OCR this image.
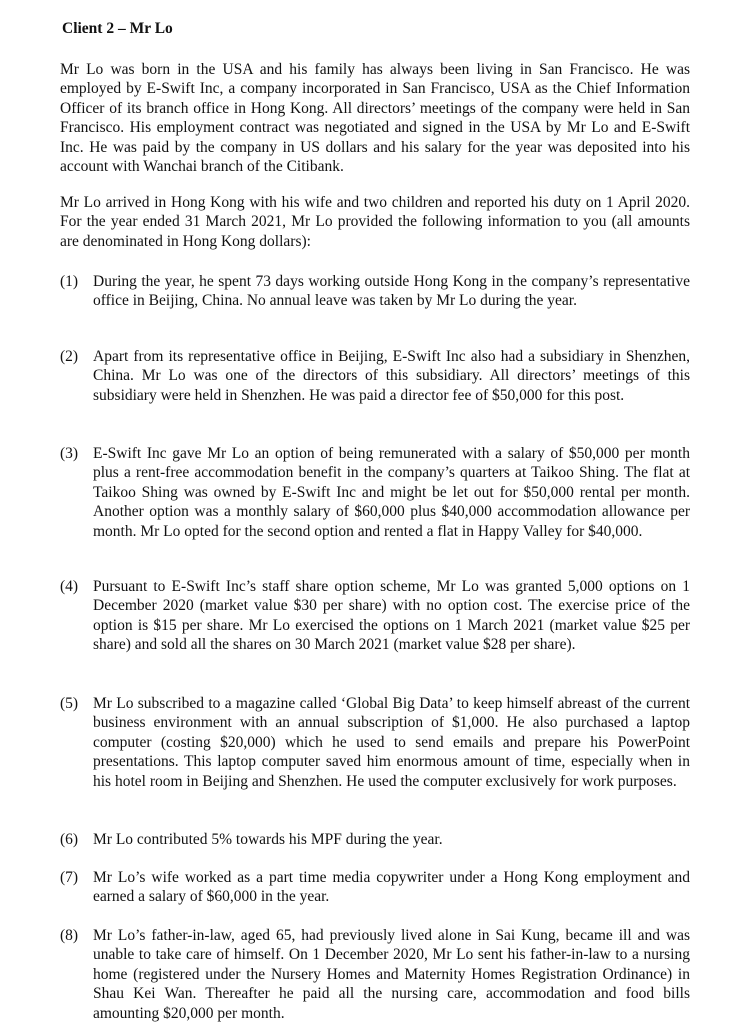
Client 2 – Mr Lo
Mr Lo was born in the USA and his family has always been living in San Francisco. He was employed by E-Swift Inc, a company incorporated in San Francisco, USA as the Chief Information Officer of its branch office in Hong Kong. All directors’ meetings of the company were held in San Francisco. His employment contract was negotiated and signed in the USA by Mr Lo and E-Swift Inc. He was paid by the company in US dollars and his salary for the year was deposited into his account with Wanchai branch of the Citibank.
Mr Lo arrived in Hong Kong with his wife and two children and reported his duty on 1 April 2020. For the year ended 31 March 2021, Mr Lo provided the following information to you (all amounts are denominated in Hong Kong dollars):
(1) During the year, he spent 73 days working outside Hong Kong in the company’s representative office in Beijing, China. No annual leave was taken by Mr Lo during the year.
(2) Apart from its representative office in Beijing, E-Swift Inc also had a subsidiary in Shenzhen, China. Mr Lo was one of the directors of this subsidiary. All directors’ meetings of this subsidiary were held in Shenzhen. He was paid a director fee of $50,000 for this post.
(3) E-Swift Inc gave Mr Lo an option of being remunerated with a salary of $50,000 per month plus a rent-free accommodation benefit in the company’s quarters at Taikoo Shing. The flat at Taikoo Shing was owned by E-Swift Inc and might be let out for $50,000 rental per month. Another option was a monthly salary of $60,000 plus $40,000 accommodation allowance per month. Mr Lo opted for the second option and rented a flat in Happy Valley for $40,000.
(4) Pursuant to E-Swift Inc’s staff share option scheme, Mr Lo was granted 5,000 options on 1 December 2020 (market value $30 per share) with no option cost. The exercise price of the option is $15 per share. Mr Lo exercised the options on 1 March 2021 (market value $25 per share) and sold all the shares on 30 March 2021 (market value $28 per share).
(5) Mr Lo subscribed to a magazine called ‘Global Big Data’ to keep himself abreast of the current business environment with an annual subscription of $1,000. He also purchased a laptop computer (costing $20,000) which he used to send emails and prepare his PowerPoint presentations. This laptop computer saved him enormous amount of time, especially when in his hotel room in Beijing and Shenzhen. He used the computer exclusively for work purposes.
(6) Mr Lo contributed 5% towards his MPF during the year.
(7) Mr Lo’s wife worked as a part time media copywriter under a Hong Kong employment and earned a salary of $60,000 in the year.
(8) Mr Lo’s father-in-law, aged 65, had previously lived alone in Sai Kung, became ill and was unable to take care of himself. On 1 December 2020, Mr Lo sent his father-in-law to a nursing home (registered under the Nursery Homes and Maternity Homes Registration Ordinance) in Shau Kei Wan. Thereafter he paid all the nursing care, accommodation and food bills amounting $20,000 per month.
